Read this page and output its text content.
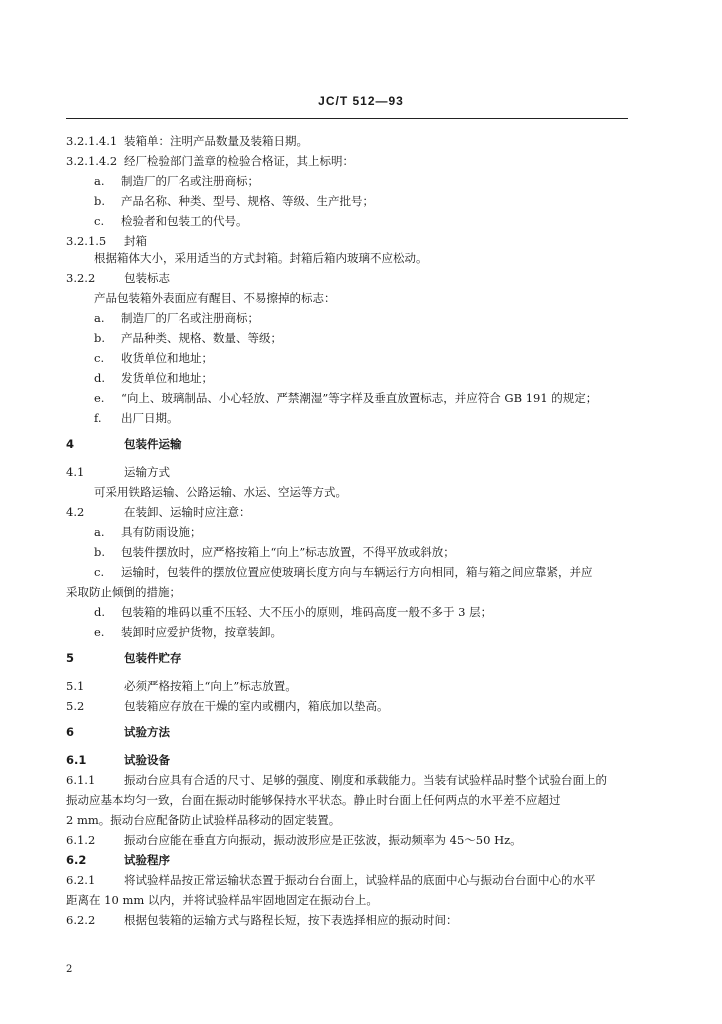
JC/T 512—93
3.2.1.4.1 装箱单：注明产品数量及装箱日期。
3.2.1.4.2 经厂检验部门盖章的检验合格证，其上标明：
a. 制造厂的厂名或注册商标；
b. 产品名称、种类、型号、规格、等级、生产批号；
c. 检验者和包装工的代号。
3.2.1.5 封箱
根据箱体大小，采用适当的方式封箱。封箱后箱内玻璃不应松动。
3.2.2 包装标志
产品包装箱外表面应有醒目、不易擦掉的标志：
a. 制造厂的厂名或注册商标；
b. 产品种类、规格、数量、等级；
c. 收货单位和地址；
d. 发货单位和地址；
e. “向上、玻璃制品、小心轻放、严禁潮湿”等字样及垂直放置标志，并应符合 GB 191 的规定；
f. 出厂日期。
4	包装件运输
4.1	运输方式
可采用铁路运输、公路运输、水运、空运等方式。
4.2	在装卸、运输时应注意：
a. 具有防雨设施；
b. 包装件摆放时，应严格按箱上“向上”标志放置，不得平放或斜放；
c. 运输时，包装件的摆放位置应使玻璃长度方向与车辆运行方向相同，箱与箱之间应靠紧，并应
采取防止倾倒的措施；
d. 包装箱的堆码以重不压轻、大不压小的原则，堆码高度一般不多于 3 层；
e. 装卸时应爱护货物，按章装卸。
5	包装件贮存
5.1	必须严格按箱上“向上”标志放置。
5.2	包装箱应存放在干燥的室内或棚内，箱底加以垫高。
6	试验方法
6.1	试验设备
6.1.1 振动台应具有合适的尺寸、足够的强度、刚度和承载能力。当装有试验样品时整个试验台面上的
振动应基本均匀一致，台面在振动时能够保持水平状态。静止时台面上任何两点的水平差不应超过
2 mm。振动台应配备防止试验样品移动的固定装置。
6.1.2 振动台应能在垂直方向振动，振动波形应是正弦波，振动频率为 45～50 Hz。
6.2	试验程序
6.2.1 将试验样品按正常运输状态置于振动台台面上，试验样品的底面中心与振动台台面中心的水平
距离在 10 mm 以内，并将试验样品牢固地固定在振动台上。
6.2.2 根据包装箱的运输方式与路程长短，按下表选择相应的振动时间：
2
